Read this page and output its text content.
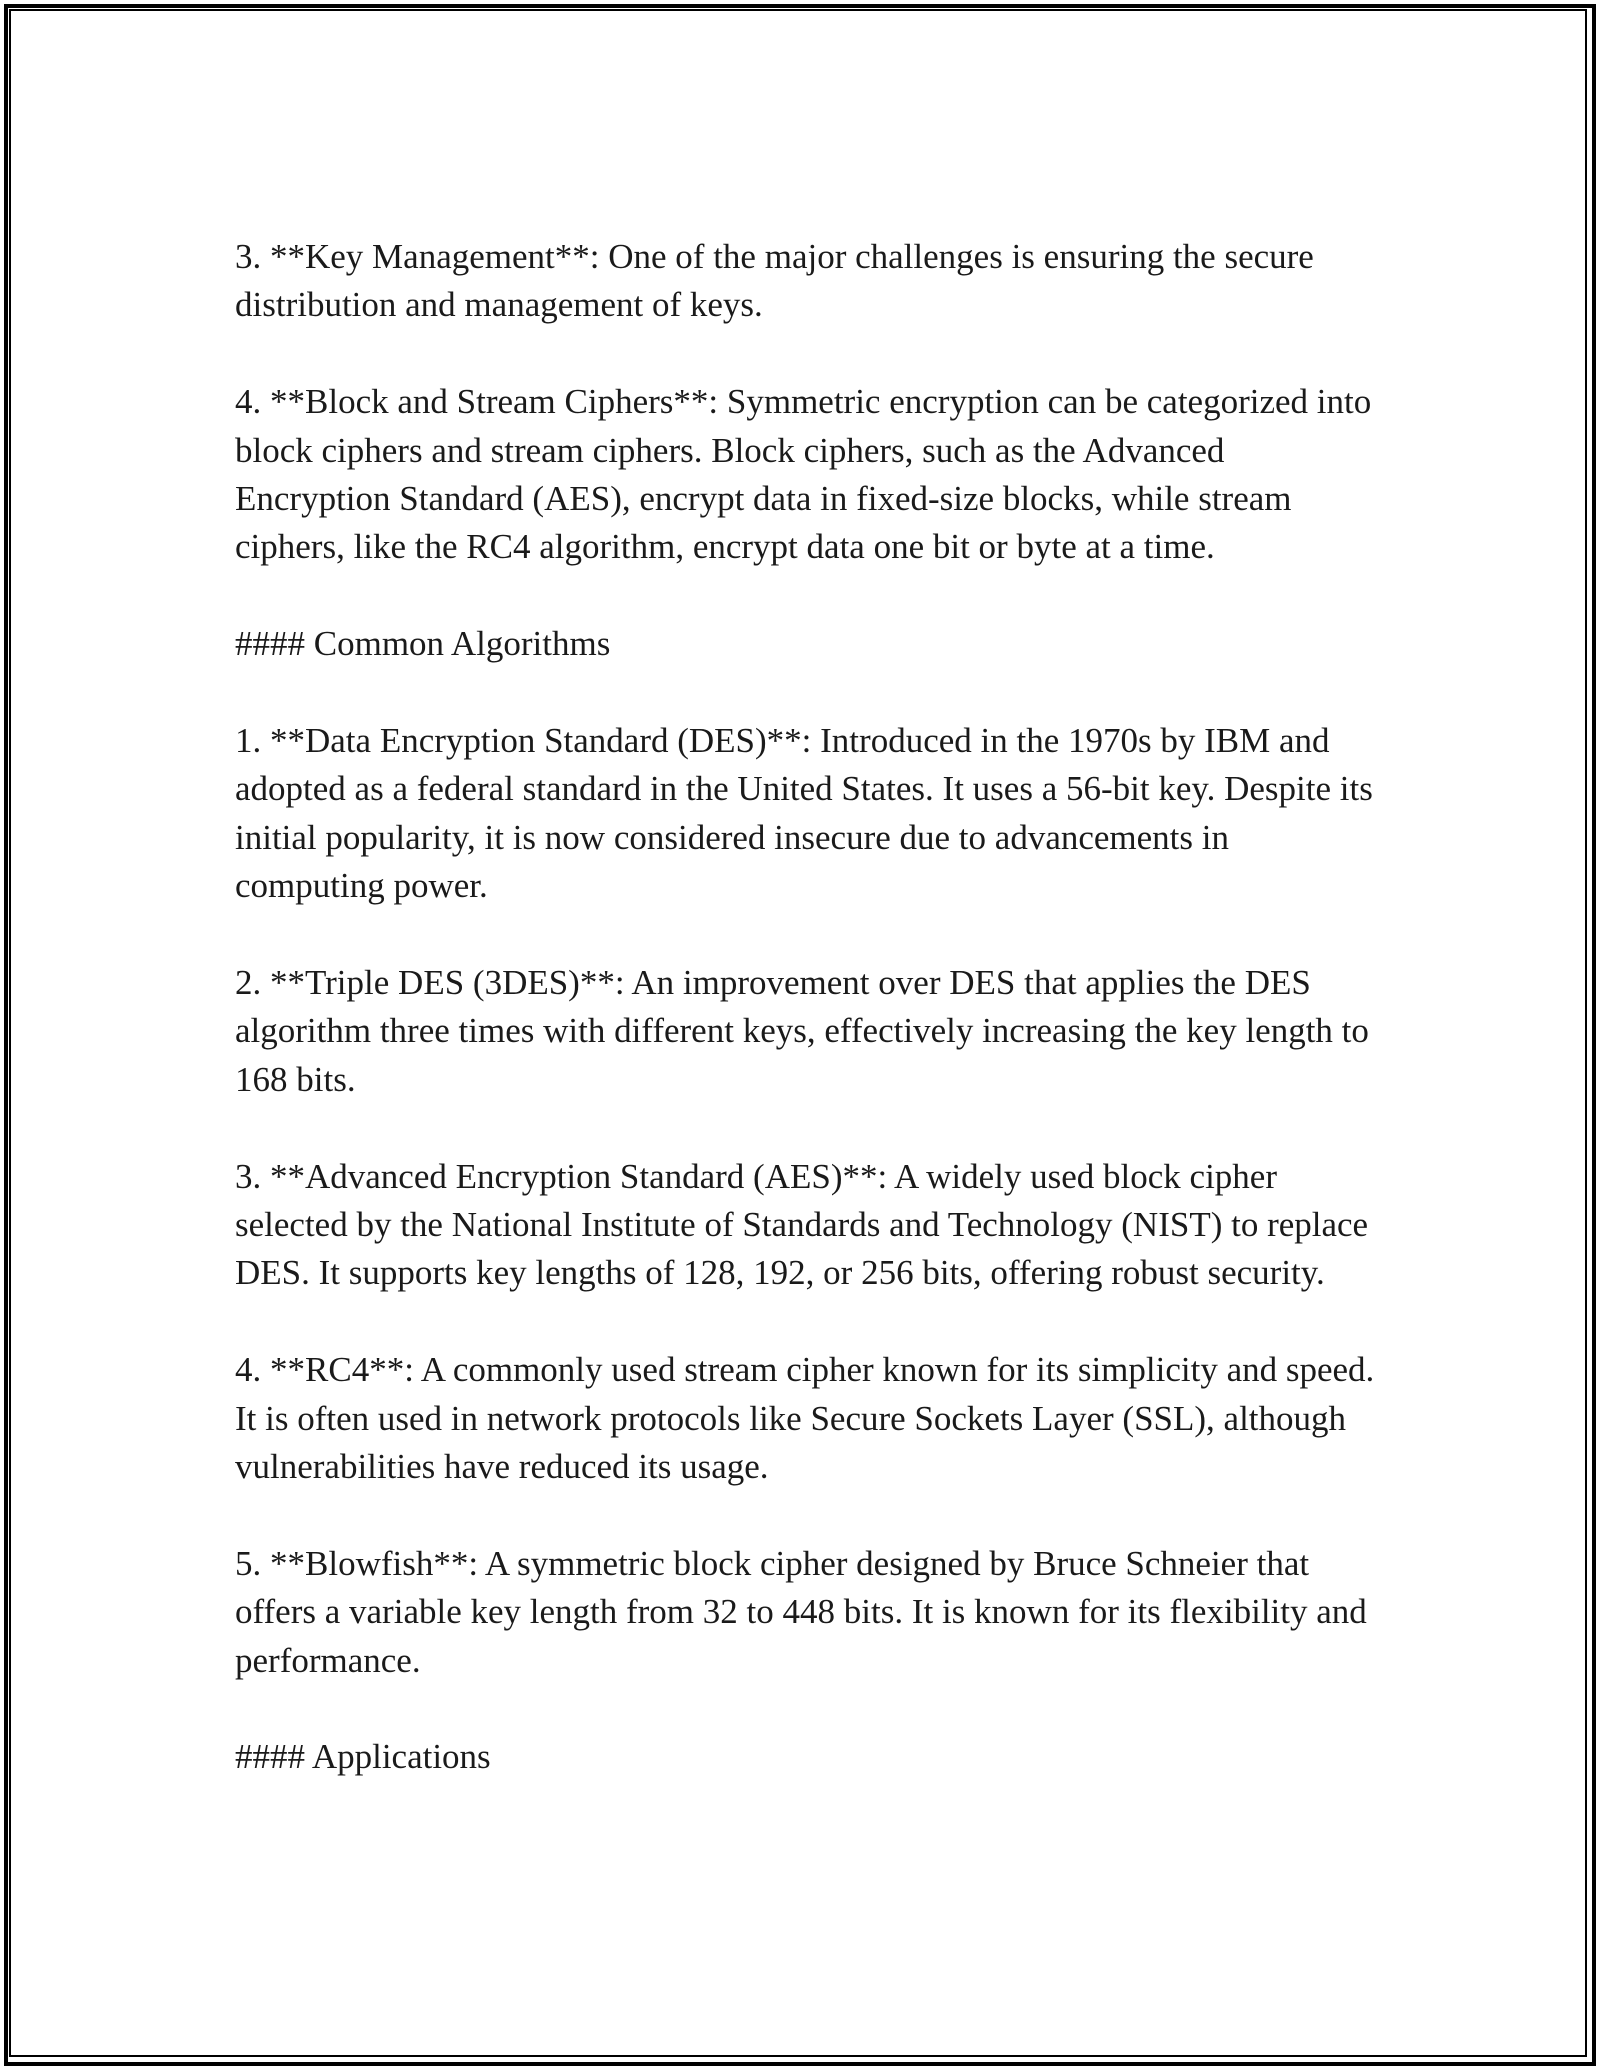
3. **Key Management**: One of the major challenges is ensuring the secure distribution and management of keys.

4. **Block and Stream Ciphers**: Symmetric encryption can be categorized into block ciphers and stream ciphers. Block ciphers, such as the Advanced Encryption Standard (AES), encrypt data in fixed-size blocks, while stream ciphers, like the RC4 algorithm, encrypt data one bit or byte at a time.

#### Common Algorithms

1. **Data Encryption Standard (DES)**: Introduced in the 1970s by IBM and adopted as a federal standard in the United States. It uses a 56-bit key. Despite its initial popularity, it is now considered insecure due to advancements in computing power.

2. **Triple DES (3DES)**: An improvement over DES that applies the DES algorithm three times with different keys, effectively increasing the key length to 168 bits.

3. **Advanced Encryption Standard (AES)**: A widely used block cipher selected by the National Institute of Standards and Technology (NIST) to replace DES. It supports key lengths of 128, 192, or 256 bits, offering robust security.

4. **RC4**: A commonly used stream cipher known for its simplicity and speed. It is often used in network protocols like Secure Sockets Layer (SSL), although vulnerabilities have reduced its usage.

5. **Blowfish**: A symmetric block cipher designed by Bruce Schneier that offers a variable key length from 32 to 448 bits. It is known for its flexibility and performance.

#### Applications
